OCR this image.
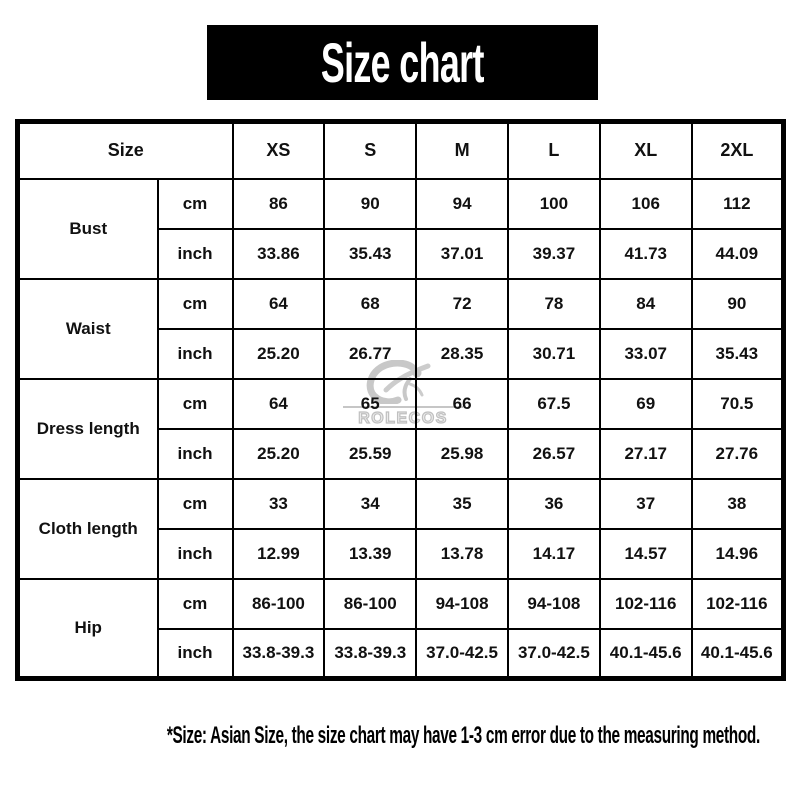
Size chart
ROLECOS
Size		XS	S	M	L	XL	2XL
Bust	cm	86	90	94	100	106	112
	inch	33.86	35.43	37.01	39.37	41.73	44.09
Waist	cm	64	68	72	78	84	90
	inch	25.20	26.77	28.35	30.71	33.07	35.43
Dress length	cm	64	65	66	67.5	69	70.5
	inch	25.20	25.59	25.98	26.57	27.17	27.76
Cloth length	cm	33	34	35	36	37	38
	inch	12.99	13.39	13.78	14.17	14.57	14.96
Hip	cm	86-100	86-100	94-108	94-108	102-116	102-116
	inch	33.8-39.3	33.8-39.3	37.0-42.5	37.0-42.5	40.1-45.6	40.1-45.6
*Size: Asian Size, the size chart may have 1-3 cm error due to the measuring method.
